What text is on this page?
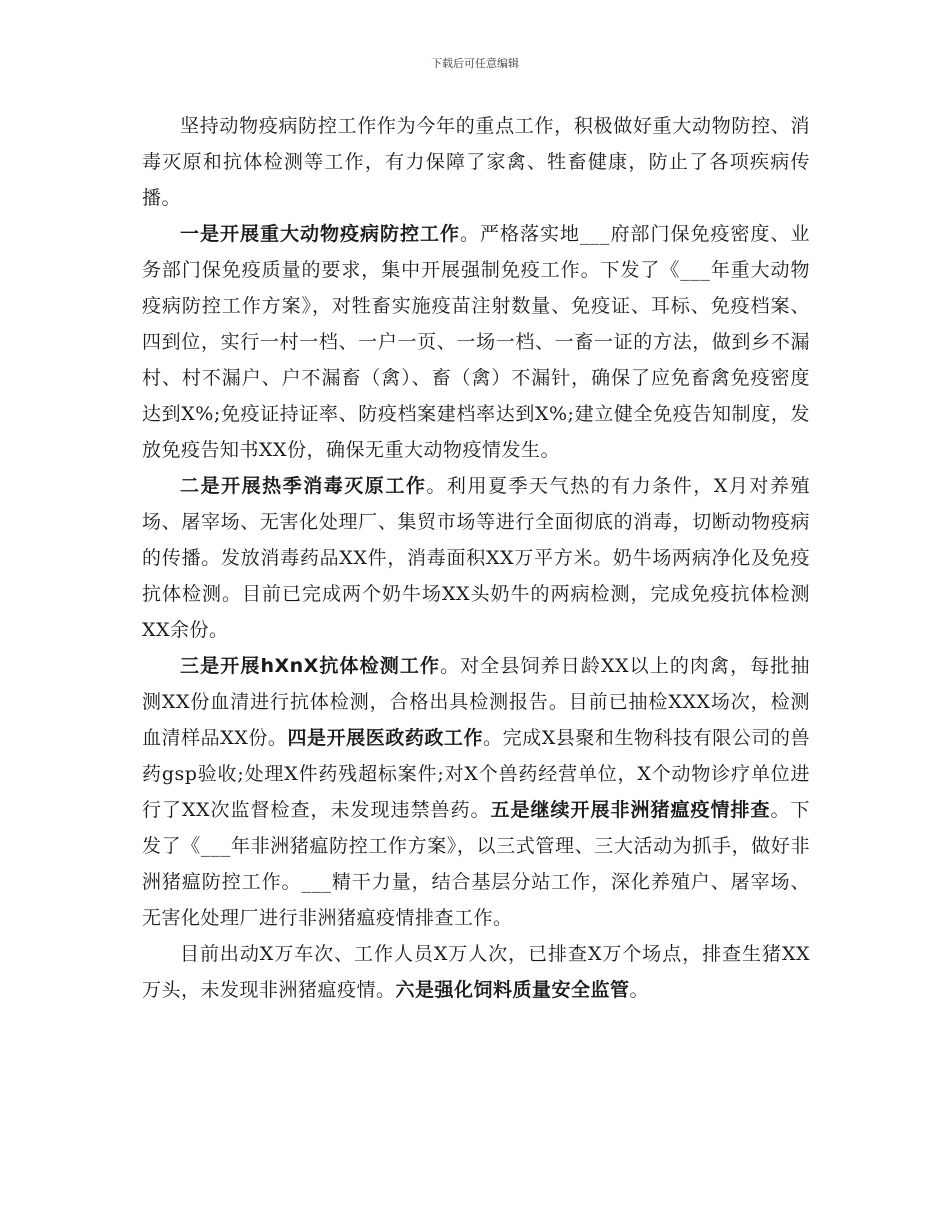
下载后可任意编辑

坚持动物疫病防控工作作为今年的重点工作，积极做好重大动物防控、消毒灭原和抗体检测等工作，有力保障了家禽、牲畜健康，防止了各项疾病传播。

一是开展重大动物疫病防控工作。严格落实地___府部门保免疫密度、业务部门保免疫质量的要求，集中开展强制免疫工作。下发了《___年重大动物疫病防控工作方案》，对牲畜实施疫苗注射数量、免疫证、耳标、免疫档案、四到位，实行一村一档、一户一页、一场一档、一畜一证的方法，做到乡不漏村、村不漏户、户不漏畜（禽）、畜（禽）不漏针，确保了应免畜禽免疫密度达到X%;免疫证持证率、防疫档案建档率达到X%;建立健全免疫告知制度，发放免疫告知书XX份，确保无重大动物疫情发生。

二是开展热季消毒灭原工作。利用夏季天气热的有力条件，X月对养殖场、屠宰场、无害化处理厂、集贸市场等进行全面彻底的消毒，切断动物疫病的传播。发放消毒药品XX件，消毒面积XX万平方米。奶牛场两病净化及免疫抗体检测。目前已完成两个奶牛场XX头奶牛的两病检测，完成免疫抗体检测XX余份。

三是开展hXnX抗体检测工作。对全县饲养日龄XX以上的肉禽，每批抽测XX份血清进行抗体检测，合格出具检测报告。目前已抽检XXX场次，检测血清样品XX份。四是开展医政药政工作。完成X县聚和生物科技有限公司的兽药gsp验收;处理X件药残超标案件;对X个兽药经营单位，X个动物诊疗单位进行了XX次监督检查，未发现违禁兽药。五是继续开展非洲猪瘟疫情排查。下发了《___年非洲猪瘟防控工作方案》，以三式管理、三大活动为抓手，做好非洲猪瘟防控工作。___精干力量，结合基层分站工作，深化养殖户、屠宰场、无害化处理厂进行非洲猪瘟疫情排查工作。

目前出动X万车次、工作人员X万人次，已排查X万个场点，排查生猪XX万头，未发现非洲猪瘟疫情。六是强化饲料质量安全监管。
